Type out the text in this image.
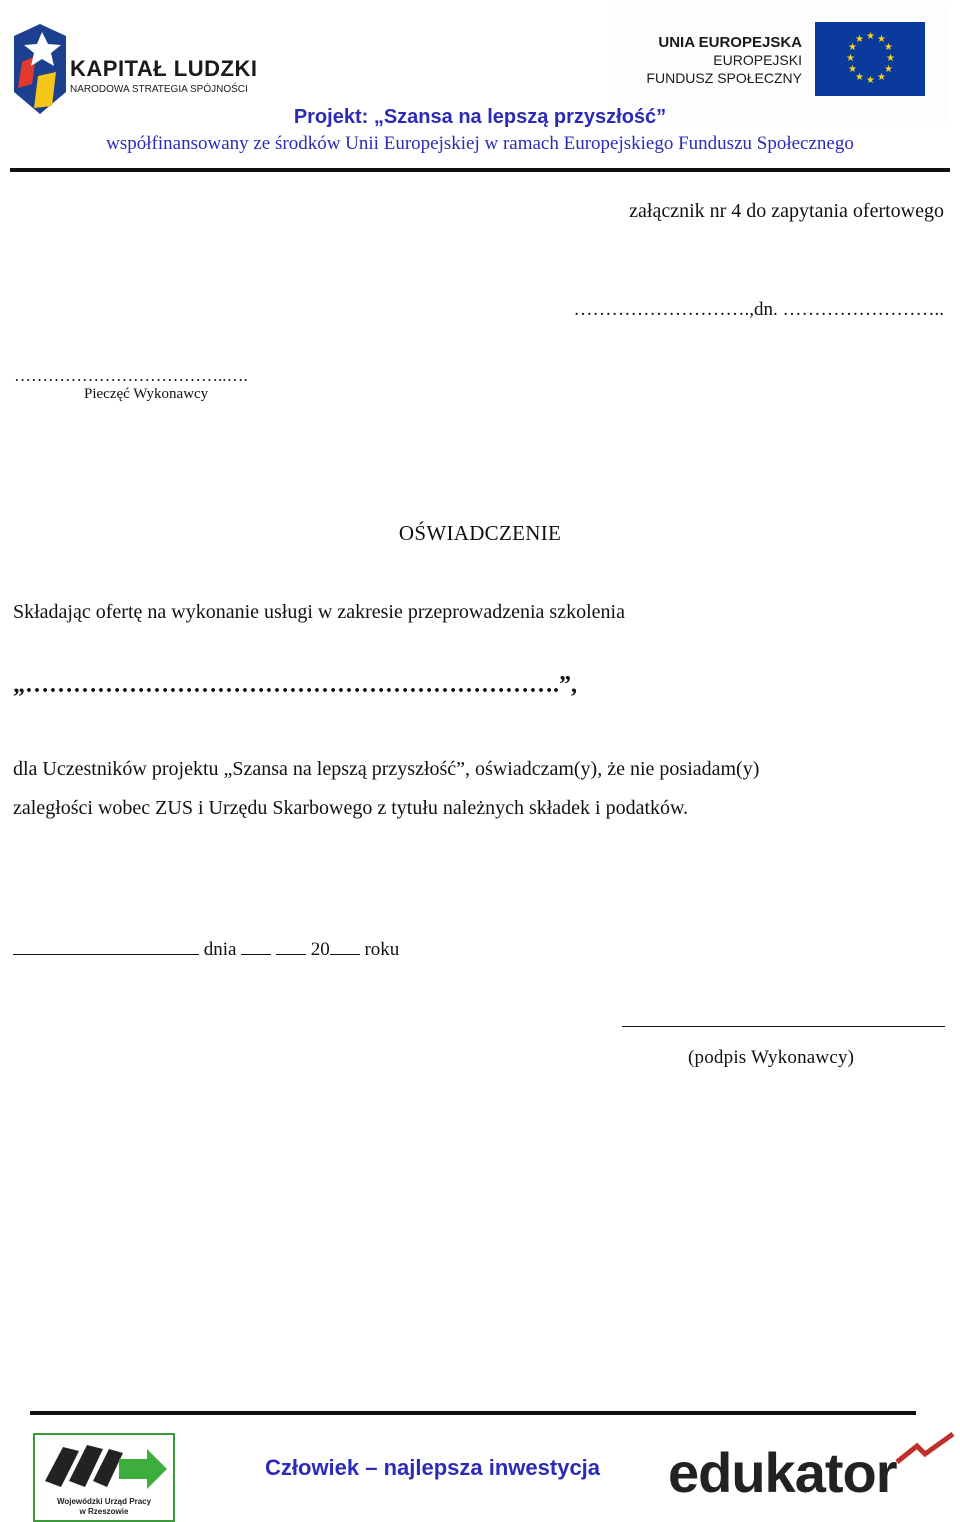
KAPITAŁ LUDZKI
NARODOWA STRATEGIA SPÓJNOŚCI
UNIA EUROPEJSKA
EUROPEJSKI
FUNDUSZ SPOŁECZNY
★ ★
★
★
★
★
★
★
★
★
★
★
Projekt: „Szansa na lepszą przyszłość”
współfinansowany ze środków Unii Europejskiej w ramach Europejskiego Funduszu Społecznego
załącznik nr 4 do zapytania ofertowego
……………………….,dn. ……………………..
………………………………..….
Pieczęć Wykonawcy
OŚWIADCZENIE
Składając ofertę na wykonanie usługi w zakresie przeprowadzenia szkolenia
„………………………………………………………….”,
dla Uczestników projektu „Szansa na lepszą przyszłość”, oświadczam(y), że nie posiadam(y)
zaległości wobec ZUS i Urzędu Skarbowego z tytułu należnych składek i podatków.
dnia	20 roku
(podpis Wykonawcy)
Wojewódzki Urząd Pracy
w Rzeszowie
Człowiek – najlepsza inwestycja edukator
